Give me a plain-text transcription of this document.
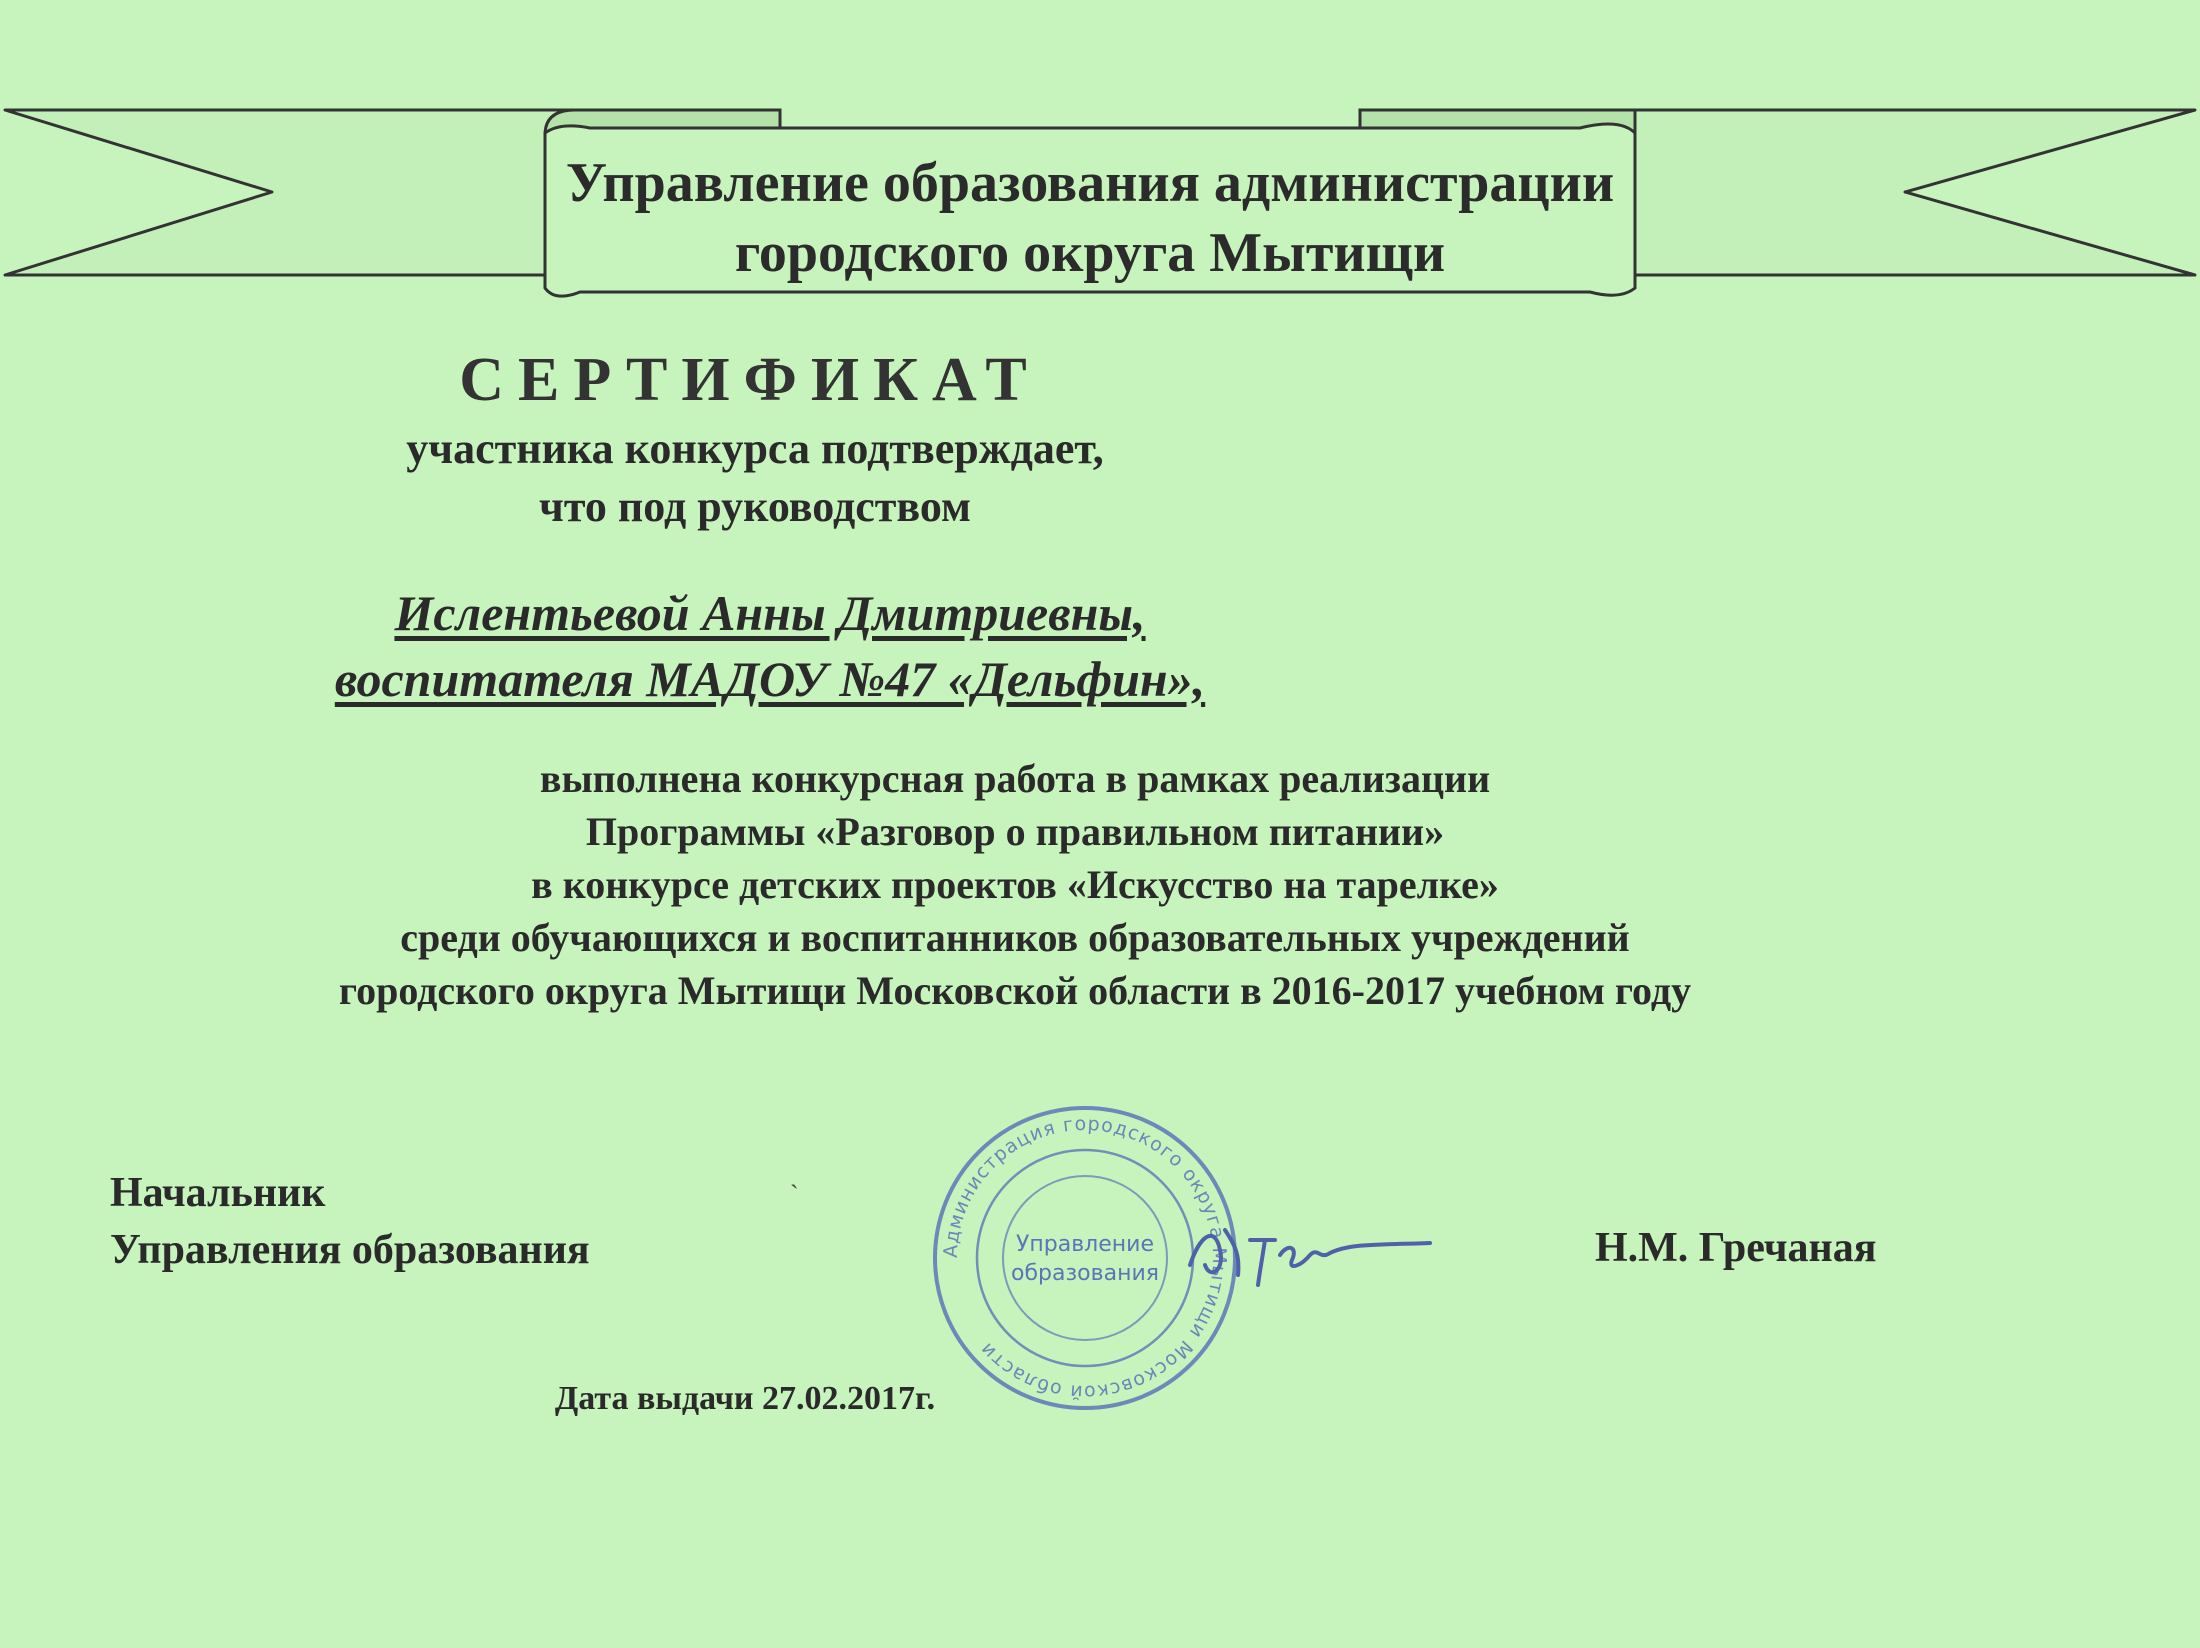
Управление образования администрации
городского округа Мытищи
СЕРТИФИКАТ
участника конкурса подтверждает,
что под руководством
Ислентьевой Анны Дмитриевны,
воспитателя МАДОУ №47 «Дельфин»,
выполнена конкурсная работа в рамках реализации
Программы «Разговор о правильном питании»
в конкурсе детских проектов «Искусство на тарелке»
среди обучающихся и воспитанников образовательных учреждений
городского округа Мытищи Московской области в 2016-2017 учебном году
Начальник
Управления образования
ˏ
Администрация городского округа Мытищи Московской области
Управление
образования
Н.М. Гречаная
Дата выдачи 27.02.2017г.
